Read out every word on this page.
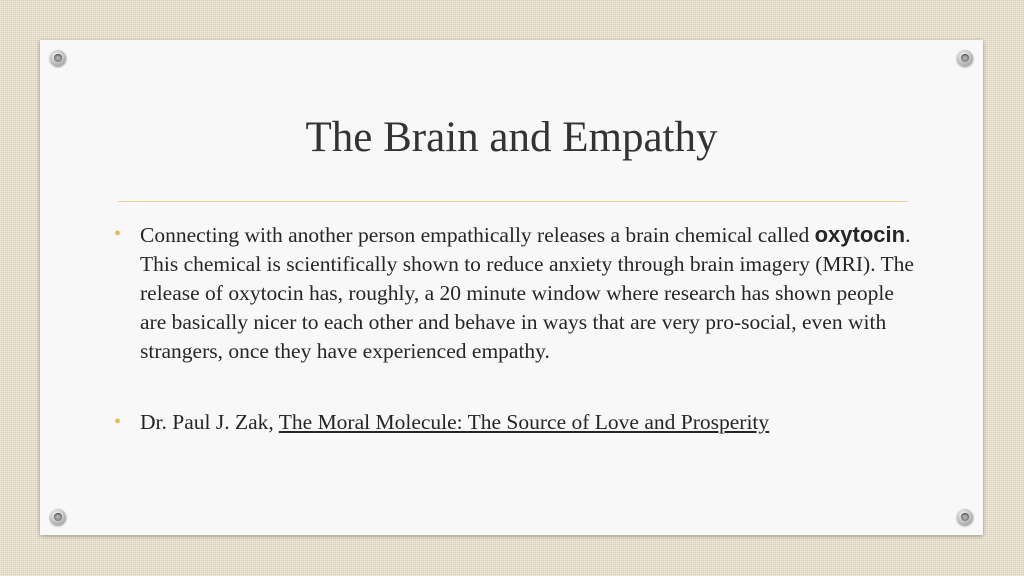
The Brain and Empathy
• Connecting with another person empathically releases a brain chemical called oxytocin. This chemical is scientifically shown to reduce anxiety through brain imagery (MRI). The release of oxytocin has, roughly, a 20 minute window where research has shown people are basically nicer to each other and behave in ways that are very pro-social, even with strangers, once they have experienced empathy.
• Dr. Paul J. Zak, The Moral Molecule: The Source of Love and Prosperity
